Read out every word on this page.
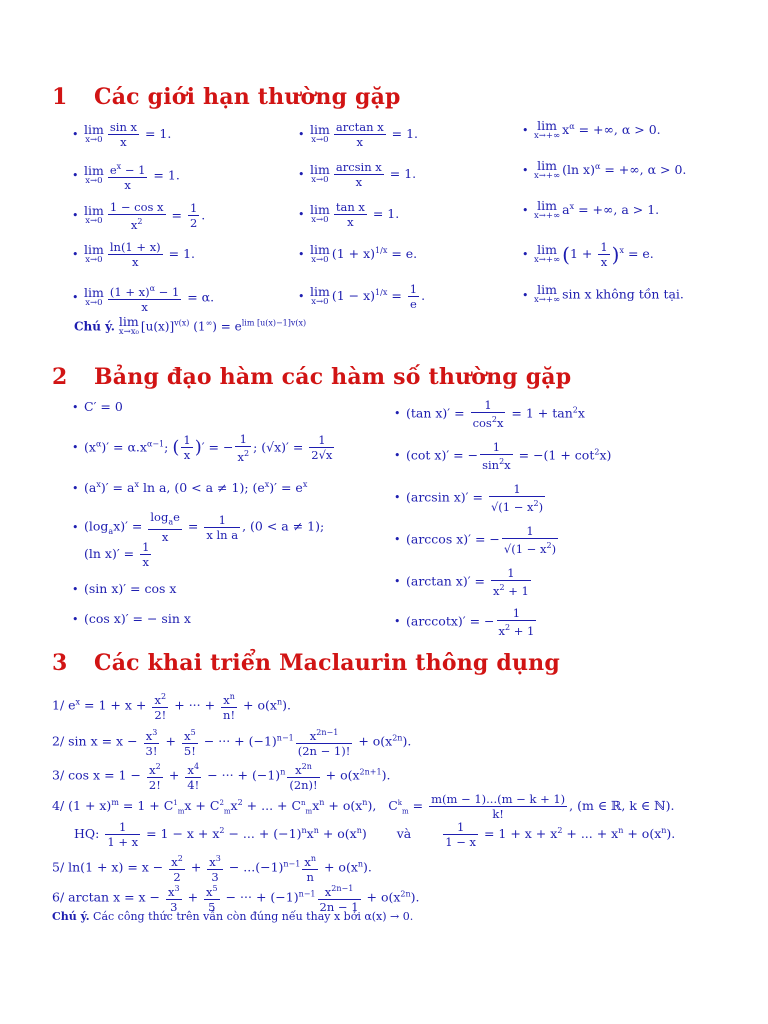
1 Các giới hạn thường gặp
• lim
$x\to 0 \frac{\text{sin x}}{x} = 1$.
• lim
$x\to 0 \frac{e^x - 1}{x} = 1$.
• lim
$x\to 0 \frac{\text{1 − cos x}}{x^2} = \frac{1}{2}$ .
• lim
$x\to 0 \frac{\ln(1 + x)}{x} = 1$.
• lim
$x\to 0 \frac{(1 + x)^\alpha - 1}{x} = \alpha$.
• lim
$x\to 0 \frac{\text{arctan x}}{x} = 1$.
• lim
$x\to 0 \frac{\text{arcsin x}}{x} = 1$.
• lim
$x\to 0 \frac{\text{tan x}}{x} = 1$.
• lim
x→0 $(1 + x)^{1/x} = e$.
• lim
x→0 $(1 - x)^{1/x} = \frac{1}{e}$ .
• lim
x→+∞ $x^\alpha$ = +∞, α > 0.
• lim
x→+∞ (ln x)$^\alpha$ = +∞, α > 0.
• lim
x→+∞ $a^x$ = +∞, a > 1.
• lim
x→+∞ $(1 + \frac{1}{x} )^x = e$.
• lim
x→+∞ sin x không tồn tại.
Chú ý. lim
x→x₀ $[u(x)]^{v(x)}$ $(1^\infty) = e^{lim [u(x)-1]v(x)}$
2 Bảng đạo hàm các hàm số thường gặp
• C′ = 0
• $(x^\alpha)' = \alpha.x^{\alpha-1}$; ( $\frac{1}{x}$ )′ = − $\frac{1}{x^2}$ ; $(√x)' = \frac{1}{2√x}$
• $(a^x)' = a^x$ ln a, (0 < a ≠ 1); $(e^x)' = e^x$
• $(\log_ax)' = \frac{\log_ae}{x} = \frac{1}{\text{x ln a}}$ , (0 < a ≠ 1);
(ln $x)' = \frac{1}{x}$
• (sin x)′ = cos x
• (cos x)′ = − sin x
• (tan $x)' = \frac{1}{\cos^2x} = 1 + \tan^2x$
• (cot x)′ = − $\frac{1}{\sin^2x} = -(1 + \cot^2x)$
• (arcsin $x)' = \frac{1}{√(1 - x^2)}$
• (arccos x)′ = − $\frac{1}{√(1 - x^2)}$
• (arctan $x)' = \frac{1}{x^2 + 1}$
• (arccotx)′ = − $\frac{1}{x^2 + 1}$
3 Các khai triển Maclaurin thông dụng
1/ $e^x = 1 + x + \frac{x^2}{2!}$ + ··· + $\frac{x^n}{n!} + o(x^n)$.
2/ $\sin x = x - \frac{x^3}{3!} + \frac{x^5}{5!}$ − ··· + $(-1)^{n-1} \frac{x^{2n-1}}{(2n - 1)!} + o(x^{2n})$.
3/ $\cos x = 1 - \frac{x^2}{2!} + \frac{x^4}{4!}$ − ··· + $(-1)^n \frac{x^{2n}}{(2n)!} + o(x^{2n+1})$.
4/ $(1 + x)^m = 1 + C^1_mx + C^2_mx^2$ + ... + $C^n_mx^n + o(x^n)$,   $C^k_m = \frac{m(m - 1)...(m - k + 1)}{k!}$ , (m ∈ ℝ, k ∈ ℕ).
HQ: $\frac{1}{1 + x} = 1 - x + x^2$ − ... + $(-1)^nx^n + o(x^n)$ và	$\frac{1}{1 - x} = 1 + x + x^2$ + ... + $x^n + o(x^n)$.
5/ $\ln(1 + x) = x - \frac{x^2}{2} + \frac{x^3}{3} - ...(-1)^{n-1} \frac{x^n}{n} + o(x^n)$.
6/ $\arctan x = x - \frac{x^3}{3} + \frac{x^5}{5}$ − ··· + $(-1)^{n-1} \frac{x^{2n-1}}{2n - 1} + o(x^{2n})$.
Chú ý. Các công thức trên vẫn còn đúng nếu thay x bởi α(x) → 0.
